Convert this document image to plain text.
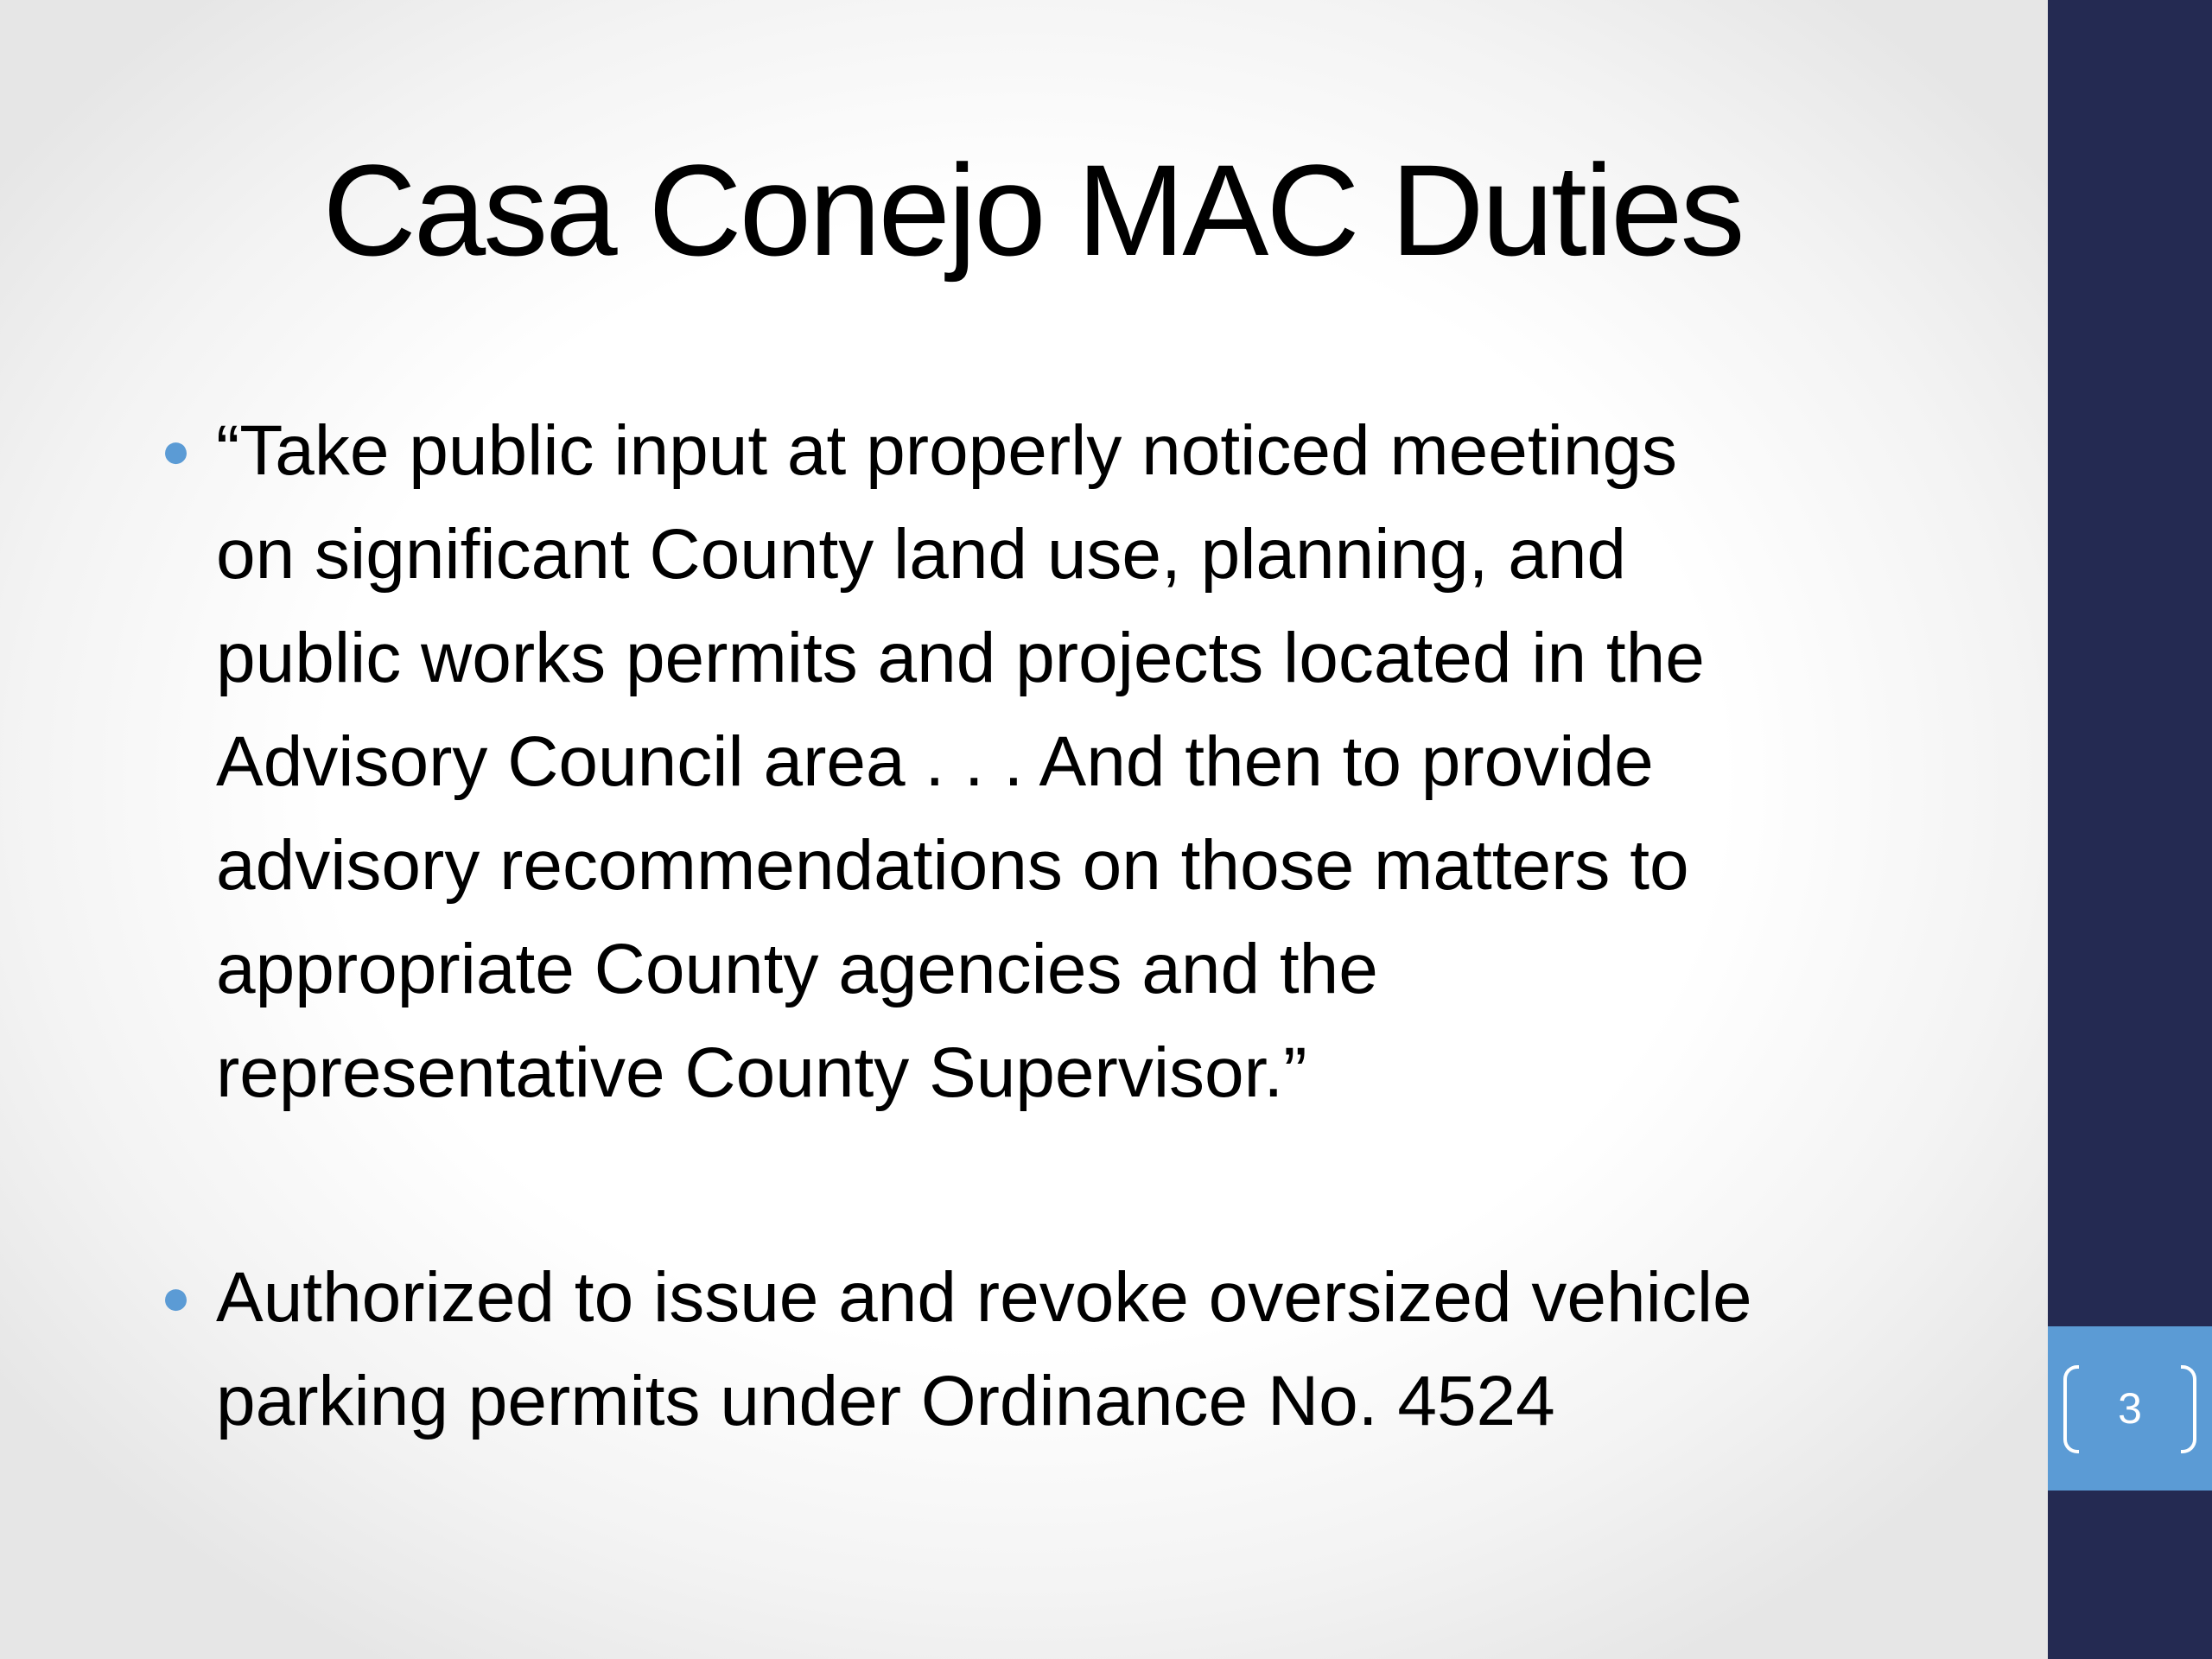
Casa Conejo MAC Duties
● “Take public input at properly noticed meetings
on significant County land use, planning, and
public works permits and projects located in the
Advisory Council area . . . And then to provide
advisory recommendations on those matters to
appropriate County agencies and the
representative County Supervisor.”
● Authorized to issue and revoke oversized vehicle
parking permits under Ordinance No. 4524	3
